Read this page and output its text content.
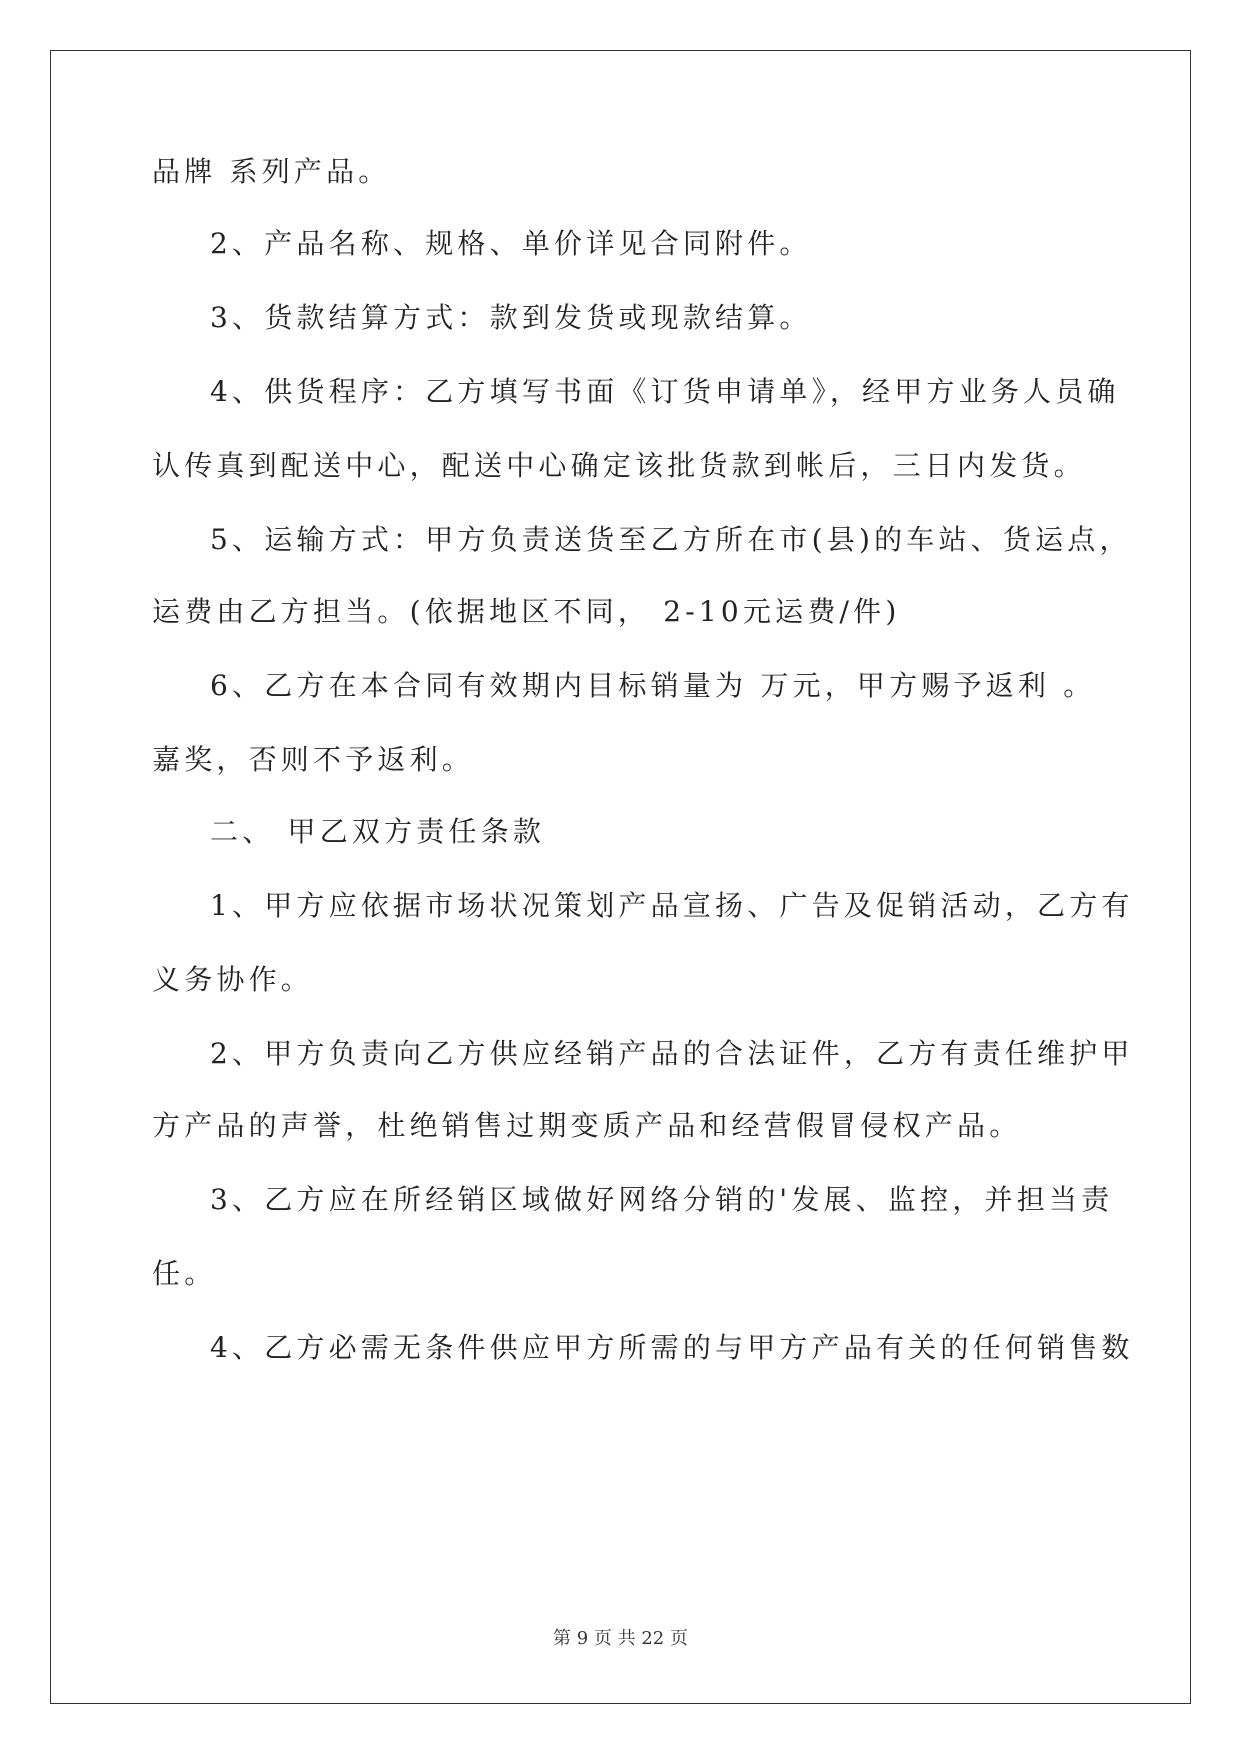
品牌 系列产品。
2、产品名称、规格、单价详见合同附件。
3、货款结算方式：款到发货或现款结算。
4、供货程序：乙方填写书面《订货申请单》，经甲方业务人员确
认传真到配送中心，配送中心确定该批货款到帐后，三日内发货。
5、运输方式：甲方负责送货至乙方所在市(县)的车站、货运点，
运费由乙方担当。(依据地区不同， 2-10元运费/件)
6、乙方在本合同有效期内目标销量为 万元，甲方赐予返利 。
嘉奖，否则不予返利。
二、 甲乙双方责任条款
1、甲方应依据市场状况策划产品宣扬、广告及促销活动，乙方有
义务协作。
2、甲方负责向乙方供应经销产品的合法证件，乙方有责任维护甲
方产品的声誉，杜绝销售过期变质产品和经营假冒侵权产品。
3、乙方应在所经销区域做好网络分销的'发展、监控，并担当责
任。
4、乙方必需无条件供应甲方所需的与甲方产品有关的任何销售数
第 9 页 共 22 页
